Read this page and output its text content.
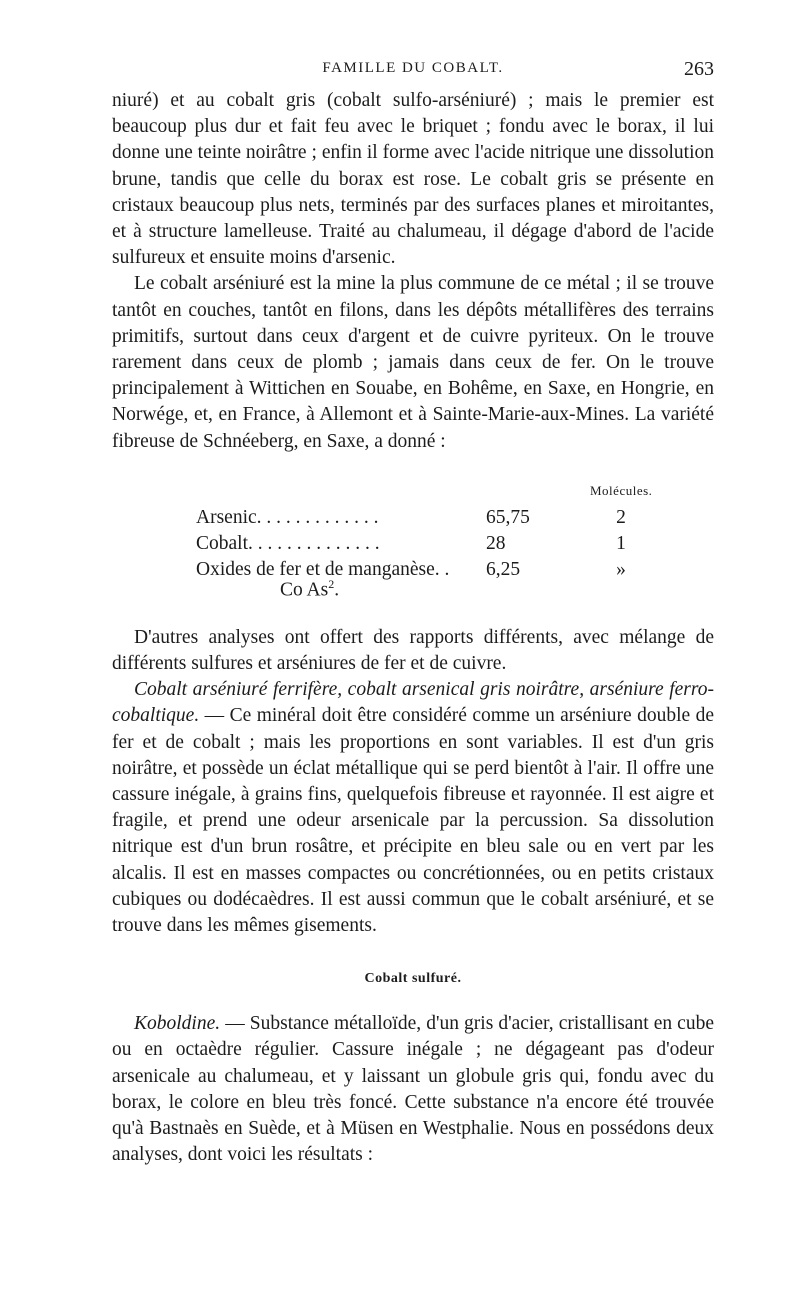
FAMILLE DU COBALT.	263

niuré) et au cobalt gris (cobalt sulfo-arséniuré) ; mais le premier est beaucoup plus dur et fait feu avec le briquet ; fondu avec le borax, il lui donne une teinte noirâtre ; enfin il forme avec l'acide nitrique une dissolution brune, tandis que celle du borax est rose. Le cobalt gris se présente en cristaux beaucoup plus nets, terminés par des surfaces planes et miroitantes, et à structure lamelleuse. Traité au chalumeau, il dégage d'abord de l'acide sulfureux et ensuite moins d'arsenic.

Le cobalt arséniuré est la mine la plus commune de ce métal ; il se trouve tantôt en couches, tantôt en filons, dans les dépôts métallifères des terrains primitifs, surtout dans ceux d'argent et de cuivre pyriteux. On le trouve rarement dans ceux de plomb ; jamais dans ceux de fer. On le trouve principalement à Wittichen en Souabe, en Bohême, en Saxe, en Hongrie, en Norwége, et, en France, à Allemont et à Sainte-Marie-aux-Mines. La variété fibreuse de Schnéeberg, en Saxe, a donné :

Molécules.
Arsenic. . . . . . . . . . . . .	65,75	2
Cobalt. . . . . . . . . . . . . .	28	1
Oxides de fer et de manganèse. . 6,25	»
Co As$^2$.

D'autres analyses ont offert des rapports différents, avec mélange de différents sulfures et arséniures de fer et de cuivre.

Cobalt arséniuré ferrifère, cobalt arsenical gris noirâtre, arséniure ferro-cobaltique. — Ce minéral doit être considéré comme un arséniure double de fer et de cobalt ; mais les proportions en sont variables. Il est d'un gris noirâtre, et possède un éclat métallique qui se perd bientôt à l'air. Il offre une cassure inégale, à grains fins, quelquefois fibreuse et rayonnée. Il est aigre et fragile, et prend une odeur arsenicale par la percussion. Sa dissolution nitrique est d'un brun rosâtre, et précipite en bleu sale ou en vert par les alcalis. Il est en masses compactes ou concrétionnées, ou en petits cristaux cubiques ou dodécaèdres. Il est aussi commun que le cobalt arséniuré, et se trouve dans les mêmes gisements.

Cobalt sulfuré.

Koboldine. — Substance métalloïde, d'un gris d'acier, cristallisant en cube ou en octaèdre régulier. Cassure inégale ; ne dégageant pas d'odeur arsenicale au chalumeau, et y laissant un globule gris qui, fondu avec du borax, le colore en bleu très foncé. Cette substance n'a encore été trouvée qu'à Bastnaès en Suède, et à Müsen en Westphalie. Nous en possédons deux analyses, dont voici les résultats :
